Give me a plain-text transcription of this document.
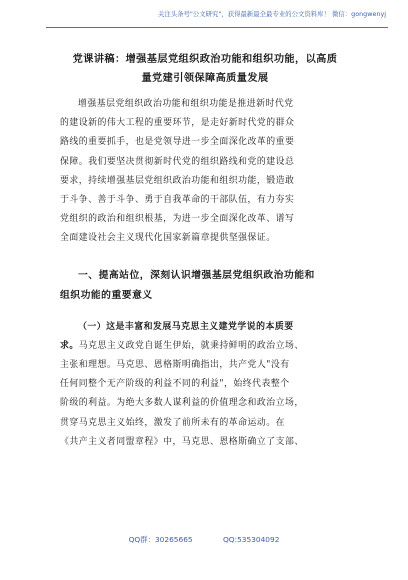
关注头条号"公文研究"，获得最新最全最专业的公文资料库！ 微信：gongwenyj
党课讲稿：增强基层党组织政治功能和组织功能，以高质
量党建引领保障高质量发展

增强基层党组织政治功能和组织功能是推进新时代党
的建设新的伟大工程的重要环节，是走好新时代党的群众
路线的重要抓手，也是党领导进一步全面深化改革的重要
保障。我们要坚决贯彻新时代党的组织路线和党的建设总
要求，持续增强基层党组织政治功能和组织功能，锻造敢
于斗争、善于斗争、勇于自我革命的干部队伍，有力夯实
党组织的政治和组织根基，为进一步全面深化改革、谱写
全面建设社会主义现代化国家新篇章提供坚强保证。

一、提高站位，深刻认识增强基层党组织政治功能和
组织功能的重要意义

（一）这是丰富和发展马克思主义建党学说的本质要
求。马克思主义政党自诞生伊始，就秉持鲜明的政治立场、
主张和理想。马克思、恩格斯明确指出，共产党人"没有
任何同整个无产阶级的利益不同的利益"，始终代表整个
阶级的利益。为绝大多数人谋利益的价值理念和政治立场，
贯穿马克思主义始终，激发了前所未有的革命运动。在
《共产主义者同盟章程》中，马克思、恩格斯确立了支部、

QQ群：30265665	QQ:535304092
